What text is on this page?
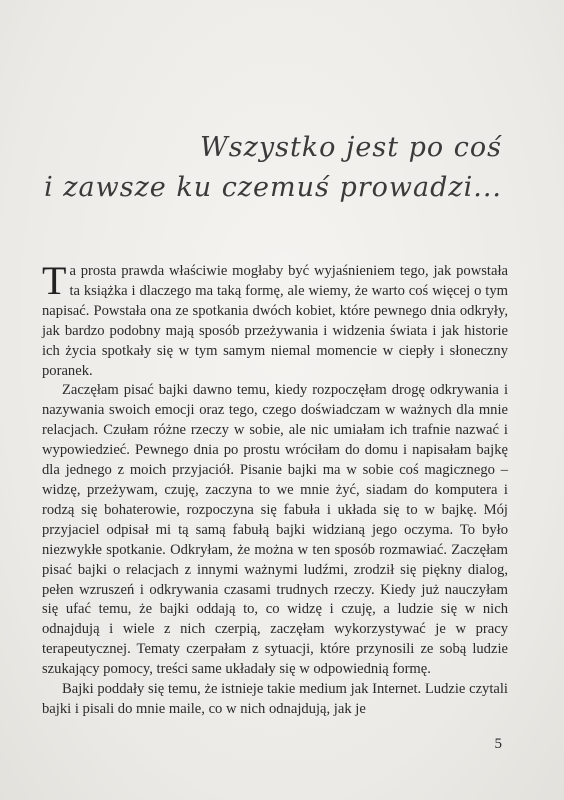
Wszystko jest po coś
i zawsze ku czemuś prowadzi...

Ta prosta prawda właściwie mogłaby być wyjaśnieniem tego, jak powstała ta książka i dlaczego ma taką formę, ale wiemy, że warto coś więcej o tym napisać. Powstała ona ze spotkania dwóch kobiet, które pewnego dnia odkryły, jak bardzo podobny mają sposób przeżywania i widzenia świata i jak historie ich życia spotkały się w tym samym niemal momencie w ciepły i słoneczny poranek.

Zaczęłam pisać bajki dawno temu, kiedy rozpoczęłam drogę odkrywania i nazywania swoich emocji oraz tego, czego doświadczam w ważnych dla mnie relacjach. Czułam różne rzeczy w sobie, ale nic umiałam ich trafnie nazwać i wypowiedzieć. Pewnego dnia po prostu wróciłam do domu i napisałam bajkę dla jednego z moich przyjaciół. Pisanie bajki ma w sobie coś magicznego – widzę, przeżywam, czuję, zaczyna to we mnie żyć, siadam do komputera i rodzą się bohaterowie, rozpoczyna się fabuła i układa się to w bajkę. Mój przyjaciel odpisał mi tą samą fabułą bajki widzianą jego oczyma. To było niezwykłe spotkanie. Odkryłam, że można w ten sposób rozmawiać. Zaczęłam pisać bajki o relacjach z innymi ważnymi ludźmi, zrodził się piękny dialog, pełen wzruszeń i odkrywania czasami trudnych rzeczy. Kiedy już nauczyłam się ufać temu, że bajki oddają to, co widzę i czuję, a ludzie się w nich odnajdują i wiele z nich czerpią, zaczęłam wykorzystywać je w pracy terapeutycznej. Tematy czerpałam z sytuacji, które przynosili ze sobą ludzie szukający pomocy, treści same układały się w odpowiednią formę.

Bajki poddały się temu, że istnieje takie medium jak Internet. Ludzie czytali bajki i pisali do mnie maile, co w nich odnajdują, jak je

5
